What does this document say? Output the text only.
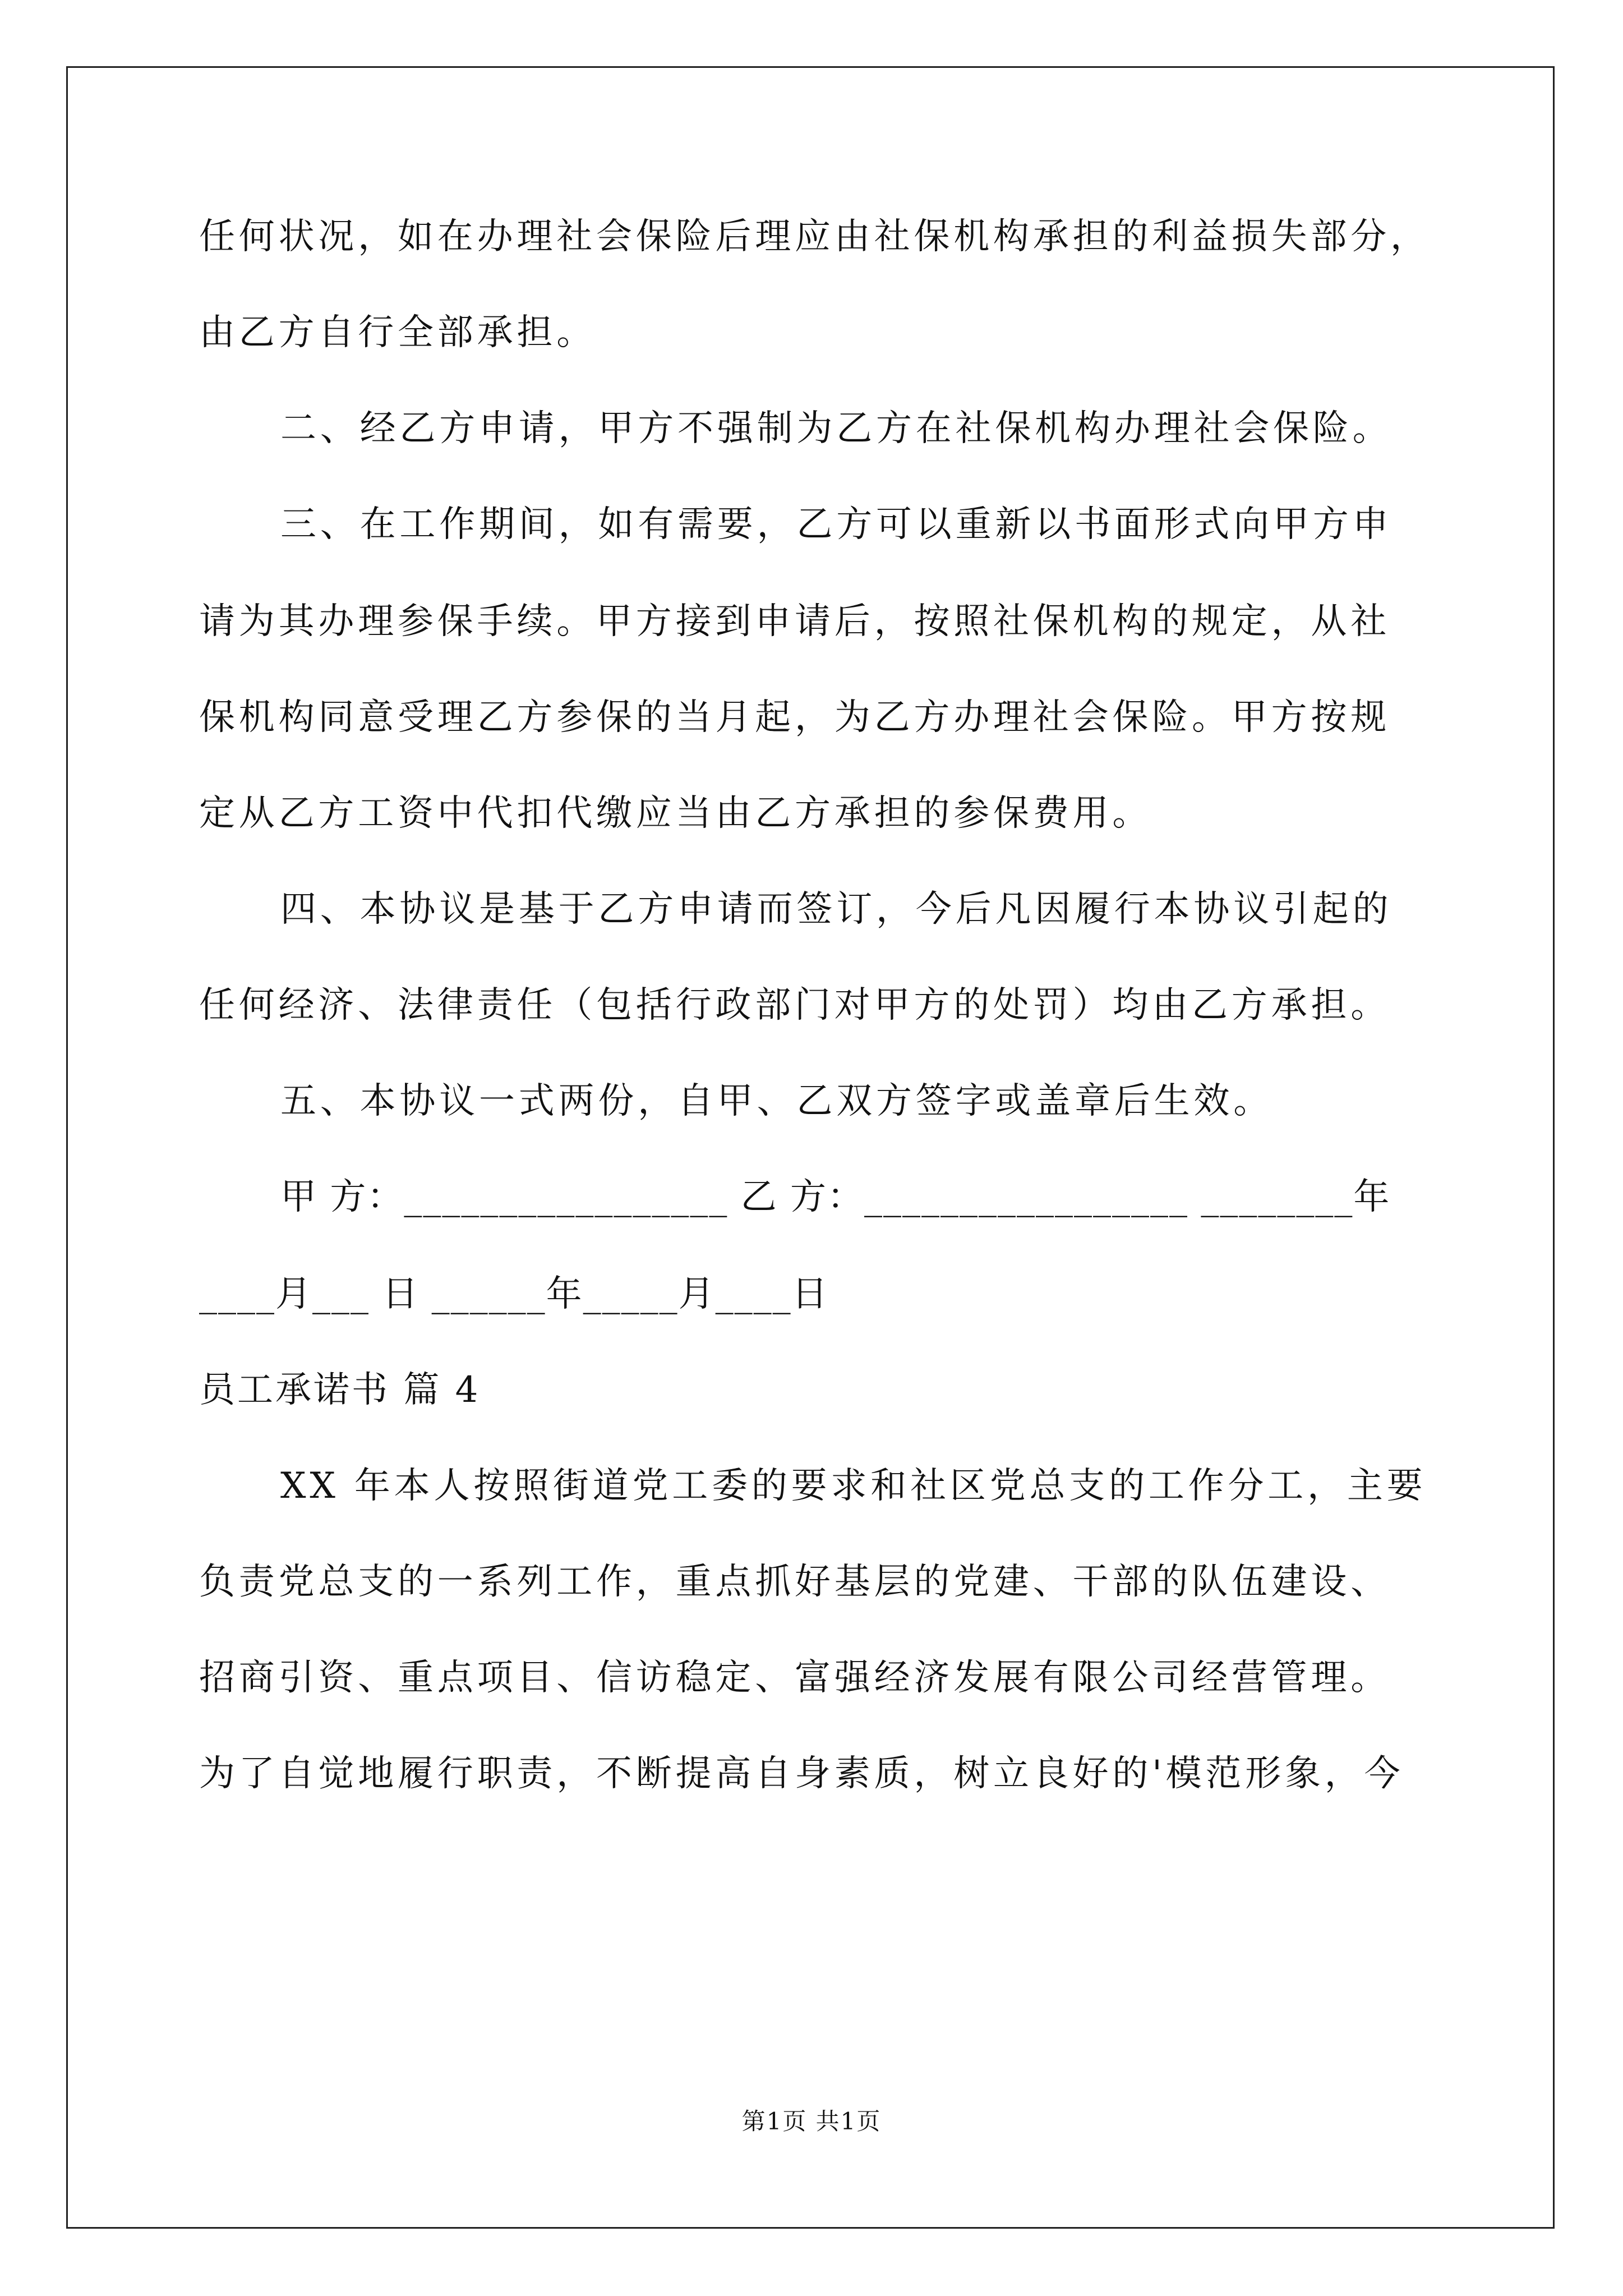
任何状况，如在办理社会保险后理应由社保机构承担的利益损失部分，
由乙方自行全部承担。
二、经乙方申请，甲方不强制为乙方在社保机构办理社会保险。
三、在工作期间，如有需要，乙方可以重新以书面形式向甲方申
请为其办理参保手续。甲方接到申请后，按照社保机构的规定，从社
保机构同意受理乙方参保的当月起，为乙方办理社会保险。甲方按规
定从乙方工资中代扣代缴应当由乙方承担的参保费用。
四、本协议是基于乙方申请而签订，今后凡因履行本协议引起的
任何经济、法律责任（包括行政部门对甲方的处罚）均由乙方承担。
五、本协议一式两份，自甲、乙双方签字或盖章后生效。
甲 方：_________________ 乙 方：_________________ ________年
____月___ 日 ______年_____月____日
员工承诺书 篇 4
XX 年本人按照街道党工委的要求和社区党总支的工作分工，主要
负责党总支的一系列工作，重点抓好基层的党建、干部的队伍建设、
招商引资、重点项目、信访稳定、富强经济发展有限公司经营管理。
为了自觉地履行职责，不断提高自身素质，树立良好的'模范形象，今
第1页 共1页
